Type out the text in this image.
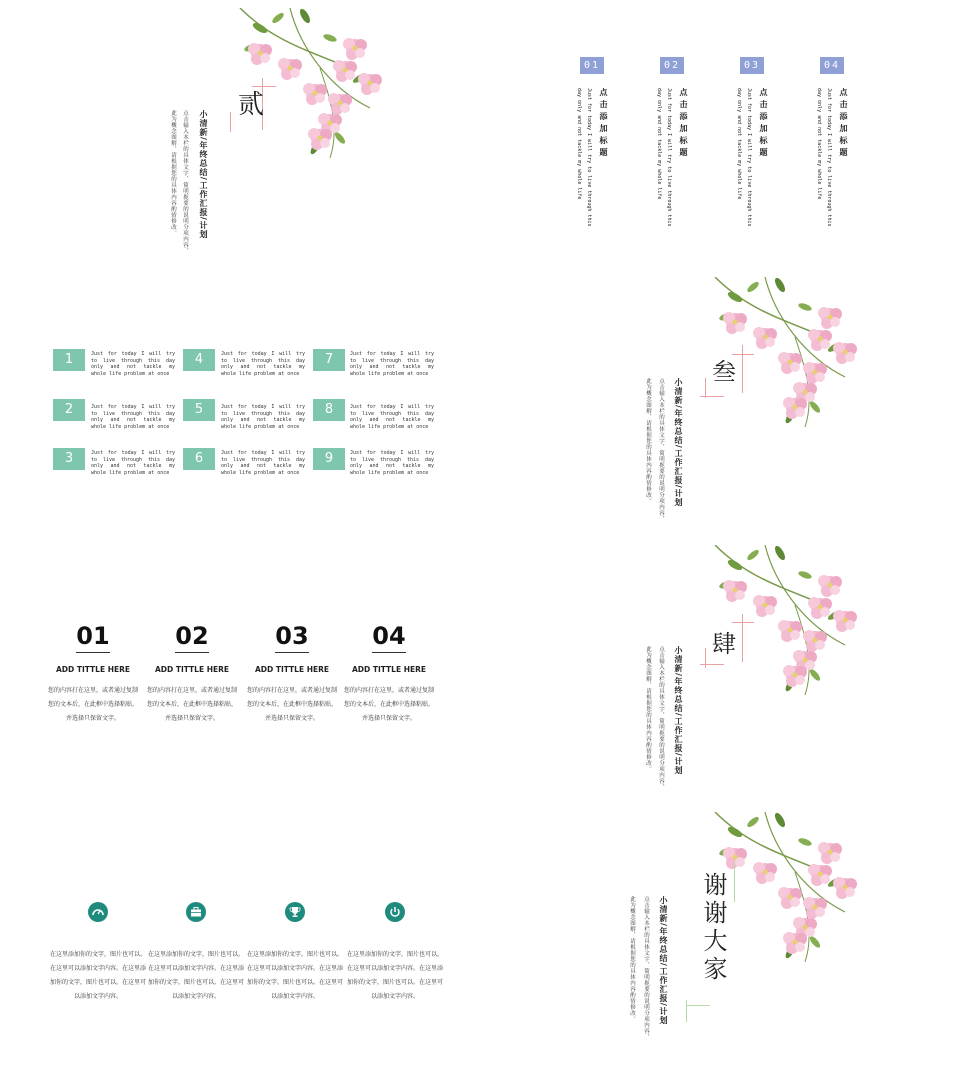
贰
小清新/年终总结/工作汇报/计划
点击输入本栏的具体文字，简明扼要的说明分项内容，
此为概念图解，请根据您的具体内容酌情修改。
01
点击添加标题
Just for today I will try to live through this
day only and not tackle my whole life
02
点击添加标题
Just for today I will try to live through this
day only and not tackle my whole life
03
点击添加标题
Just for today I will try to live through this
day only and not tackle my whole life
04
点击添加标题
Just for today I will try to live through this
day only and not tackle my whole life
1	Just for today I will try to live through this day only and not tackle my whole life problem at once
4	Just for today I will try to live through this day only and not tackle my whole life problem at once
7	Just for today I will try to live through this day only and not tackle my whole life problem at once
2	Just for today I will try to live through this day only and not tackle my whole life problem at once
5	Just for today I will try to live through this day only and not tackle my whole life problem at once
8	Just for today I will try to live through this day only and not tackle my whole life problem at once
3	Just for today I will try to live through this day only and not tackle my whole life problem at once
6	Just for today I will try to live through this day only and not tackle my whole life problem at once
9	Just for today I will try to live through this day only and not tackle my whole life problem at once
叁
小清新/年终总结/工作汇报/计划
点击输入本栏的具体文字，简明扼要的说明分项内容，
此为概念图解，请根据您的具体内容酌情修改。
01
ADD TITTLE HERE
您的内容打在这里，或者通过复制您的文本后，在此框中选择粘贴，并选择只保留文字。
02
ADD TITTLE HERE
您的内容打在这里，或者通过复制您的文本后，在此框中选择粘贴，并选择只保留文字。
03
ADD TITTLE HERE
您的内容打在这里，或者通过复制您的文本后，在此框中选择粘贴，并选择只保留文字。
04
ADD TITTLE HERE
您的内容打在这里，或者通过复制您的文本后，在此框中选择粘贴，并选择只保留文字。
肆
小清新/年终总结/工作汇报/计划
点击输入本栏的具体文字，简明扼要的说明分项内容，
此为概念图解，请根据您的具体内容酌情修改。
在这里添加你的文字，图片也可以。在这里可以添加文字内容。在这里添加你的文字，图片也可以。在这里可以添加文字内容。
在这里添加你的文字，图片也可以。在这里可以添加文字内容。在这里添加你的文字，图片也可以。在这里可以添加文字内容。
在这里添加你的文字，图片也可以。在这里可以添加文字内容。在这里添加你的文字，图片也可以。在这里可以添加文字内容。
在这里添加你的文字，图片也可以。在这里可以添加文字内容。在这里添加你的文字，图片也可以。在这里可以添加文字内容。
谢谢大家
小清新/年终总结/工作汇报/计划
点击输入本栏的具体文字，简明扼要的说明分项内容，
此为概念图解，请根据您的具体内容酌情修改。
